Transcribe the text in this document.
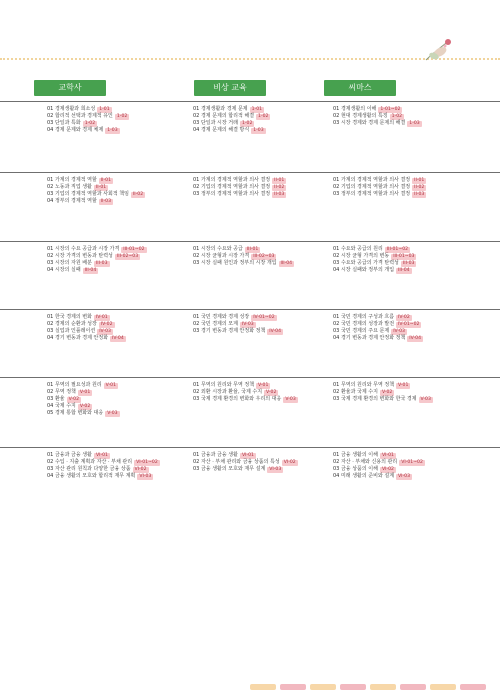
교학사	비상 교육	씨마스
01 경제생활과 희소성 1-01
02 합리적 선택과 경제적 유인 1-02
03 단일과 특화 1-02
04 경제 문제와 경제 체제 1-03
01 경제생활과 경제 문제 1-01
02 경제 문제의 합리적 해결 1-02
03 단일과 시장 거래 1-02
04 경제 문제의 해결 방식 1-03
01 경제생활의 이해 1-01~02
02 현대 경제생활의 특징 1-02
03 시장 경제와 경제 문제의 해결 1-03
01 가계의 경제적 역할 II-01
02 노동과 직업 생활 II-01
03 기업의 경제적 역할과 사회적 책임 II-02
04 정부의 경제적 역할 II-03
01 가계의 경제적 역할과 의사 결정 II-01
02 기업의 경제적 역할과 의사 결정 II-02
03 정부의 경제적 역할과 의사 결정 II-03
01 가계의 경제적 역할과 의사 결정 II-01
02 기업의 경제적 역할과 의사 결정 II-02
03 정부의 경제적 역할과 의사 결정 II-03
01 시장의 수요 공급과 시장 가격 III-01~02
02 시장 가격의 변동과 탄력성 III-02~03
03 시장의 자원 배분 III-03
04 시장의 실패 III-04
01 시장의 수요와 공급 III-01
02 시장 균형과 시장 가격 III-02~03
03 시장 실패 원인과 정부의 시장 개입 III-04
01 수요와 공급의 원리 III-01~02
02 시장 균형 가격의 변동 III-01~03
03 수요와 공급의 가격 탄력성 III-03
04 시장 실패와 정부의 개입 III-04
01 한국 경제의 변화 IV-01
02 경제의 순환과 성장 IV-02
03 실업과 인플레이션 IV-03
04 경기 변동과 경제 안정화 IV-04
01 국민 경제와 경제 성장 IV-01~02
02 국민 경제의 모계 IV-03
03 경기 변동과 경제 안정화 정책 IV-04
01 국민 경제의 구성과 흐름 IV-02
02 국민 경제의 성장과 발전 IV-01~02
03 국민 경제의 주요 문제 IV-03
04 경기 변동과 경제 안정화 정책 IV-04
01 무역의 필요성과 원리 V-01
02 무역 정책 V-01
03 환율 V-02
04 국제 수지 V-02
05 경제 통합 변화와 대응 V-03
01 무역의 원리와 무역 정책 V-01
02 외환 시장과 환율, 국제 수지 V-02
03 국제 경제 환경의 변화와 우리의 대응 V-03
01 무역의 원리와 무역 정책 V-01
02 환율과 국제 수지 V-02
03 국제 경제 환경의 변화와 한국 경제 V-03
01 금융과 금융 생활 VI-01
02 수입 · 지출 계획과 자산 · 부채 관리 VI-01~02
03 자산 관리 원칙과 다양한 금융 상품 VI-02
04 금융 생활의 모호와 합리적 재무 계획 VI-03
01 금융과 금융 생활 VI-01
02 자산 · 부채 관리와 금융 상품의 특성 VI-02
03 금융 생활의 모호와 재무 설계 VI-03
01 금융 생활의 이해 VI-01
02 자산 · 부채와 신용의 관리 VI-01~02
03 금융 상품의 이해 VI-02
04 미래 생활의 준비와 설계 VI-03
